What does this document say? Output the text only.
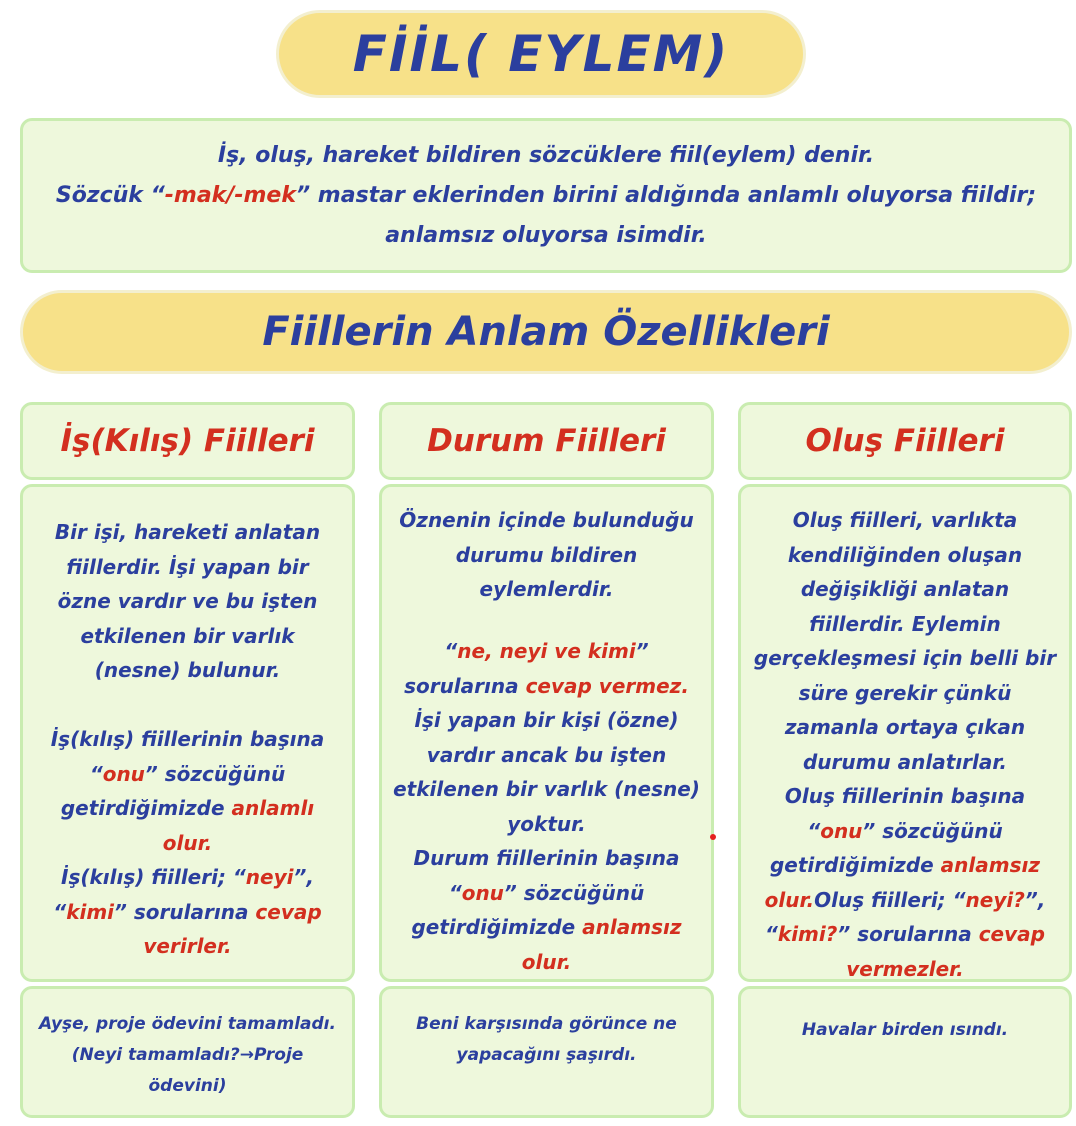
FİİL( EYLEM)
İş, oluş, hareket bildiren sözcüklere fiil(eylem) denir.
Sözcük “-mak/-mek” mastar eklerinden birini aldığında anlamlı oluyorsa fiildir;
anlamsız oluyorsa isimdir.
Fiillerin Anlam Özellikleri
İş(Kılış) Fiilleri
Bir işi, hareketi anlatan
fiillerdir. İşi yapan bir
özne vardır ve bu işten
etkilenen bir varlık
(nesne) bulunur.
İş(kılış) fiillerinin başına
“onu” sözcüğünü
getirdiğimizde anlamlı
olur.
İş(kılış) fiilleri; “neyi”,
“kimi” sorularına cevap
verirler.
Ayşe, proje ödevini tamamladı.
(Neyi tamamladı?→Proje
ödevini)
Durum Fiilleri
Öznenin içinde bulunduğu
durumu bildiren
eylemlerdir.
“ne, neyi ve kimi”
sorularına cevap vermez.
İşi yapan bir kişi (özne)
vardır ancak bu işten
etkilenen bir varlık (nesne)
yoktur.
Durum fiillerinin başına
“onu” sözcüğünü
getirdiğimizde anlamsız
olur.
Beni karşısında görünce ne
yapacağını şaşırdı.
Oluş Fiilleri
Oluş fiilleri, varlıkta
kendiliğinden oluşan
değişikliği anlatan
fiillerdir. Eylemin
gerçekleşmesi için belli bir
süre gerekir çünkü
zamanla ortaya çıkan
durumu anlatırlar.
Oluş fiillerinin başına
“onu” sözcüğünü
getirdiğimizde anlamsız
olur.Oluş fiilleri; “neyi?”,
“kimi?” sorularına cevap
vermezler.
Havalar birden ısındı.
